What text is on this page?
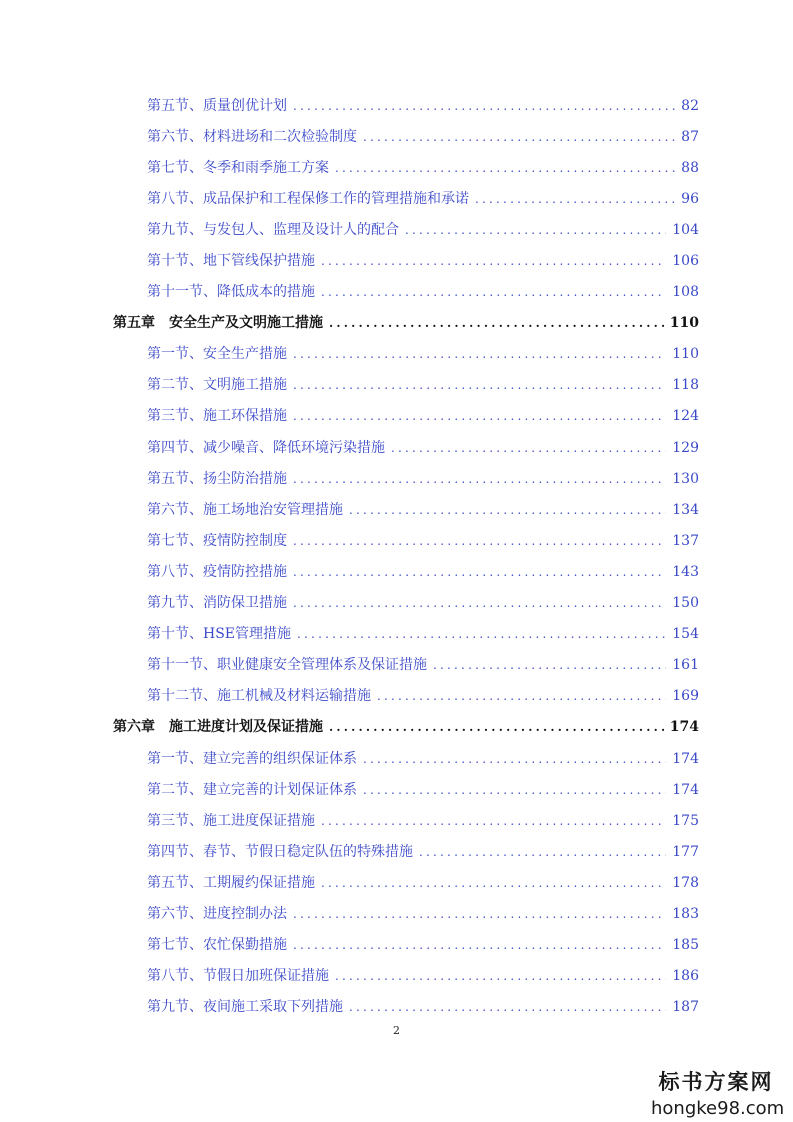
第五节、质量创优计划 .....	82
第六节、材料进场和二次检验制度 .....	87
第七节、冬季和雨季施工方案 .....	88
第八节、成品保护和工程保修工作的管理措施和承诺 .....	96
第九节、与发包人、监理及设计人的配合 .....	104
第十节、地下管线保护措施 .....	106
第十一节、降低成本的措施 .....	108
第五章　安全生产及文明施工措施 .....	110
第一节、安全生产措施 .....	110
第二节、文明施工措施 .....	118
第三节、施工环保措施 .....	124
第四节、减少噪音、降低环境污染措施 .....	129
第五节、扬尘防治措施 .....	130
第六节、施工场地治安管理措施 .....	134
第七节、疫情防控制度 .....	137
第八节、疫情防控措施 .....	143
第九节、消防保卫措施 .....	150
第十节、HSE管理措施 .....	154
第十一节、职业健康安全管理体系及保证措施 .....	161
第十二节、施工机械及材料运输措施 .....	169
第六章　施工进度计划及保证措施 .....	174
第一节、建立完善的组织保证体系 .....	174
第二节、建立完善的计划保证体系 .....	174
第三节、施工进度保证措施 .....	175
第四节、春节、节假日稳定队伍的特殊措施 .....	177
第五节、工期履约保证措施 .....	178
第六节、进度控制办法 .....	183
第七节、农忙保勤措施 .....	185
第八节、节假日加班保证措施 .....	186
第九节、夜间施工采取下列措施 .....	187
2
标书方案网
hongke98.com
